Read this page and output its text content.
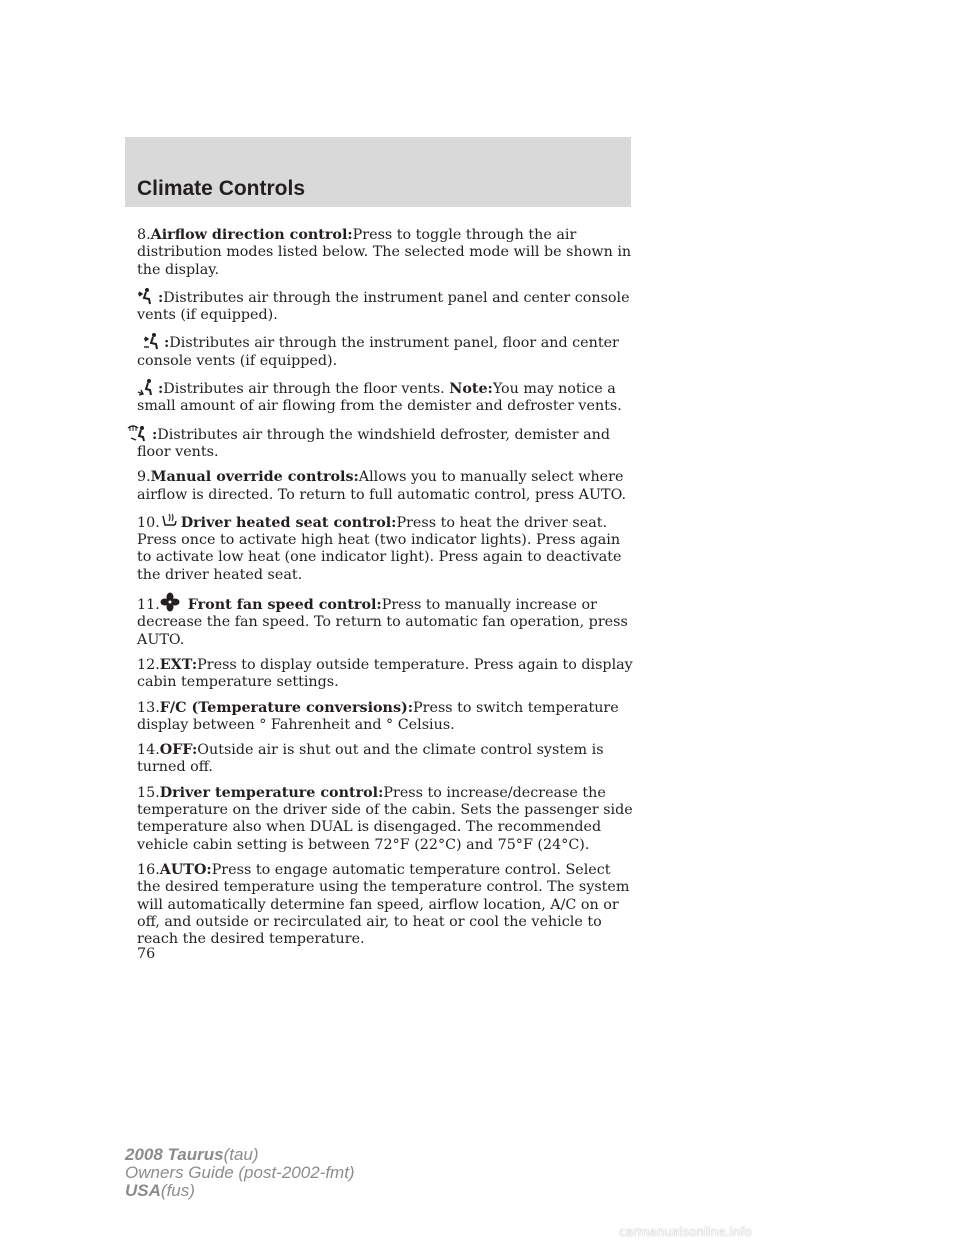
Climate Controls

8.Airflow direction control:Press to toggle through the air distribution modes listed below. The selected mode will be shown in the display.

:Distributes air through the instrument panel and center console vents (if equipped).

:Distributes air through the instrument panel, floor and center console vents (if equipped).

:Distributes air through the floor vents. Note:You may notice a small amount of air flowing from the demister and defroster vents.

:Distributes air through the windshield defroster, demister and floor vents.

9.Manual override controls:Allows you to manually select where airflow is directed. To return to full automatic control, press AUTO.

10. Driver heated seat control:Press to heat the driver seat. Press once to activate high heat (two indicator lights). Press again to activate low heat (one indicator light). Press again to deactivate the driver heated seat.

11. Front fan speed control:Press to manually increase or decrease the fan speed. To return to automatic fan operation, press AUTO.

12.EXT:Press to display outside temperature. Press again to display cabin temperature settings.

13.F/C (Temperature conversions):Press to switch temperature display between ° Fahrenheit and ° Celsius.

14.OFF:Outside air is shut out and the climate control system is turned off.

15.Driver temperature control:Press to increase/decrease the temperature on the driver side of the cabin. Sets the passenger side temperature also when DUAL is disengaged. The recommended vehicle cabin setting is between 72°F (22°C) and 75°F (24°C).

16.AUTO:Press to engage automatic temperature control. Select the desired temperature using the temperature control. The system will automatically determine fan speed, airflow location, A/C on or off, and outside or recirculated air, to heat or cool the vehicle to reach the desired temperature.

76
2008 Taurus(tau)
Owners Guide (post-2002-fmt)
USA(fus)
carmanualsonline.info
